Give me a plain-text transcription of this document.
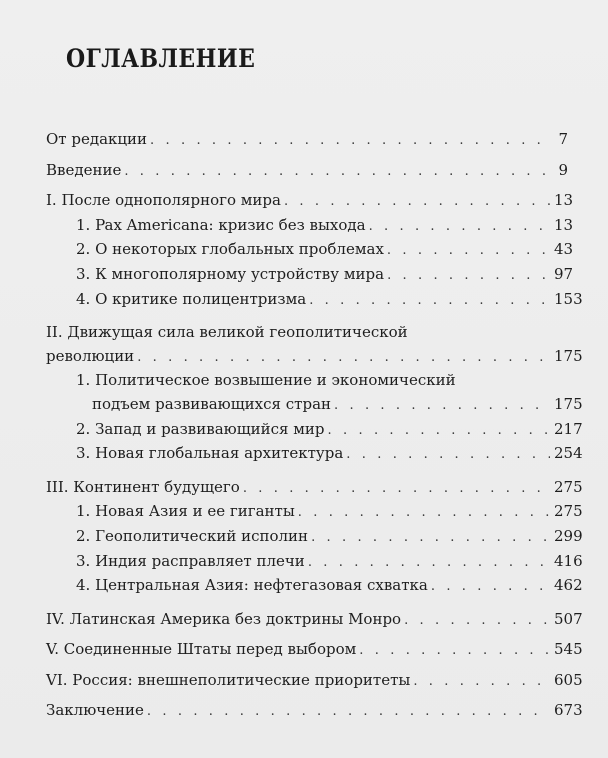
ОГЛАВЛЕНИЕ
От редакции . . .	7
Введение . . .	9
I. После однополярного мира . . .	13
1. Pax Americana: кризис без выхода . . .	13
2. О некоторых глобальных проблемах . . .	43
3. К многополярному устройству мира . . .	97
4. О критике полицентризма . . .	153
II. Движущая сила великой геополитической
революции . . .	175
1. Политическое возвышение и экономический
подъем развивающихся стран . . .	175
2. Запад и развивающийся мир . . .	217
3. Новая глобальная архитектура . . .	254
III. Континент будущего . . .	275
1. Новая Азия и ее гиганты . . .	275
2. Геополитический исполин . . .	299
3. Индия расправляет плечи . . .	416
4. Центральная Азия: нефтегазовая схватка . . .	462
IV. Латинская Америка без доктрины Монро . . .	507
V. Соединенные Штаты перед выбором . . .	545
VI. Россия: внешнеполитические приоритеты . . .	605
Заключение . . .	673
